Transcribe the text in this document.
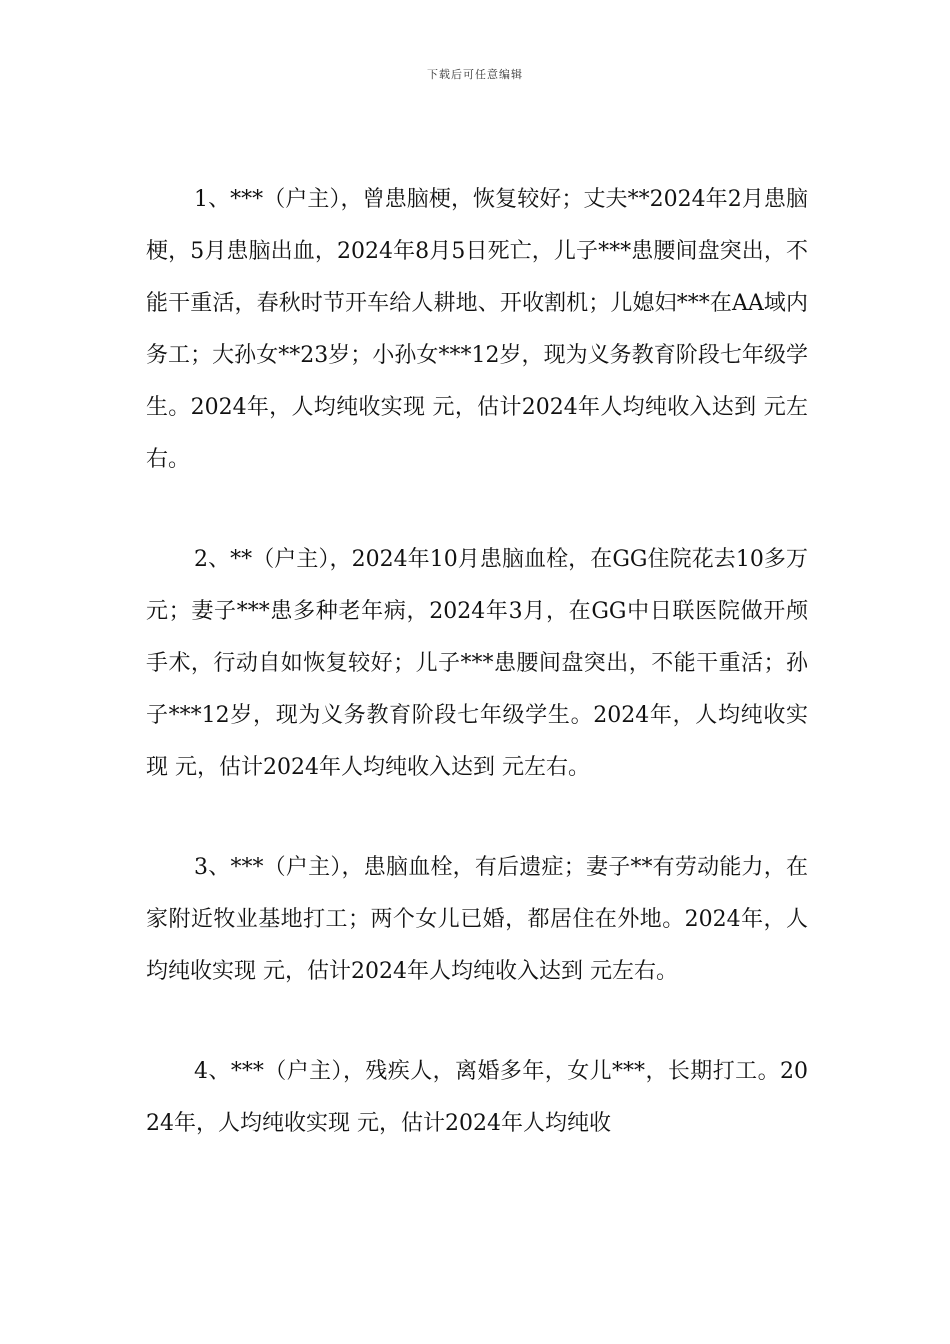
下载后可任意编辑

1、***（户主），曾患脑梗，恢复较好；丈夫**2024年2月患脑梗，5月患脑出血，2024年8月5日死亡，儿子***患腰间盘突出，不能干重活，春秋时节开车给人耕地、开收割机；儿媳妇***在AA域内务工；大孙女**23岁；小孙女***12岁，现为义务教育阶段七年级学生。2024年，人均纯收实现 元，估计2024年人均纯收入达到 元左右。

2、**（户主），2024年10月患脑血栓，在GG住院花去10多万元；妻子***患多种老年病，2024年3月，在GG中日联医院做开颅手术，行动自如恢复较好；儿子***患腰间盘突出，不能干重活；孙子***12岁，现为义务教育阶段七年级学生。2024年，人均纯收实现 元，估计2024年人均纯收入达到 元左右。

3、***（户主），患脑血栓，有后遗症；妻子**有劳动能力，在家附近牧业基地打工；两个女儿已婚，都居住在外地。2024年，人均纯收实现 元，估计2024年人均纯收入达到 元左右。

4、***（户主），残疾人，离婚多年，女儿***，长期打工。2024年，人均纯收实现 元，估计2024年人均纯收
